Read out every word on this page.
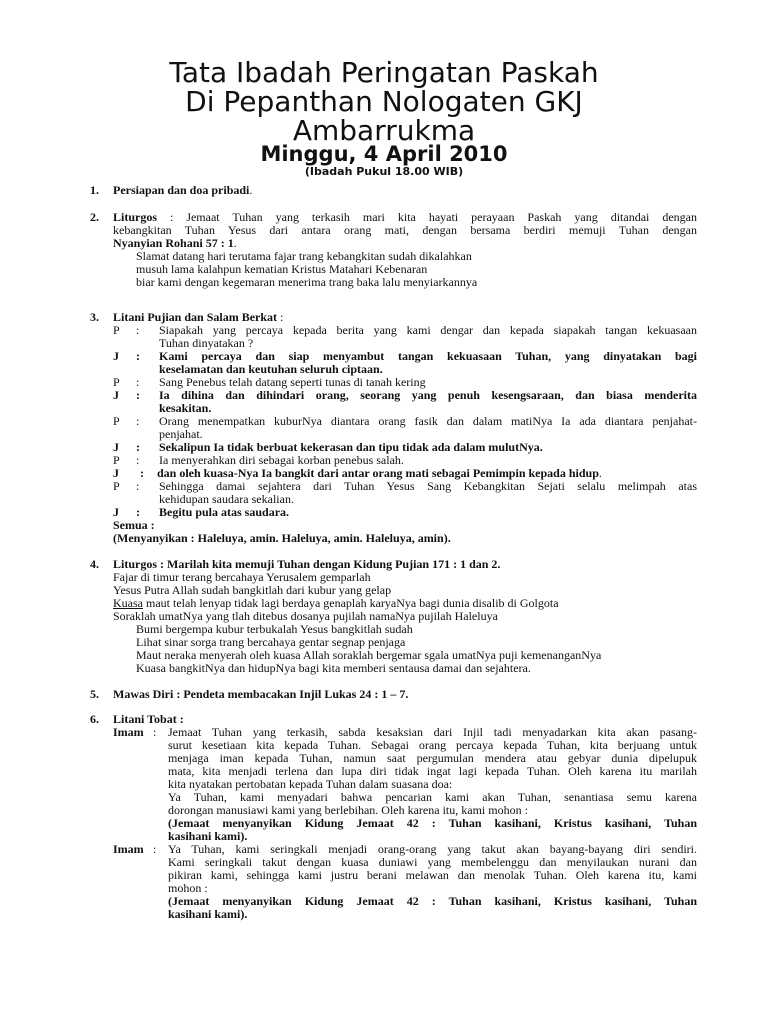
Tata Ibadah Peringatan Paskah
Di Pepanthan Nologaten GKJ
Ambarrukma
Minggu, 4 April 2010
(Ibadah Pukul 18.00 WIB)
1. Persiapan dan doa pribadi.
2. Liturgos : Jemaat Tuhan yang terkasih mari kita hayati perayaan Paskah yang ditandai dengan
kebangkitan Tuhan Yesus dari antara orang mati, dengan bersama berdiri memuji Tuhan dengan
Nyanyian Rohani 57 : 1.
Slamat datang hari terutama fajar trang kebangkitan sudah dikalahkan
musuh lama kalahpun kematian Kristus Matahari Kebenaran
biar kami dengan kegemaran menerima trang baka lalu menyiarkannya
3. Litani Pujian dan Salam Berkat :
P : Siapakah yang percaya kepada berita yang kami dengar dan kepada siapakah tangan kekuasaan
Tuhan dinyatakan ?
J : Kami percaya dan siap menyambut tangan kekuasaan Tuhan, yang dinyatakan bagi
keselamatan dan keutuhan seluruh ciptaan.
P : Sang Penebus telah datang seperti tunas di tanah kering
J : Ia dihina dan dihindari orang, seorang yang penuh kesengsaraan, dan biasa menderita
kesakitan.
P : Orang menempatkan kuburNya diantara orang fasik dan dalam matiNya Ia ada diantara penjahat-
penjahat.
J : Sekalipun Ia tidak berbuat kekerasan dan tipu tidak ada dalam mulutNya.
P : Ia menyerahkan diri sebagai korban penebus salah.
J : dan oleh kuasa-Nya Ia bangkit dari antar orang mati sebagai Pemimpin kepada hidup.
P : Sehingga damai sejahtera dari Tuhan Yesus Sang Kebangkitan Sejati selalu melimpah atas
kehidupan saudara sekalian.
J : Begitu pula atas saudara.
Semua :
(Menyanyikan : Haleluya, amin. Haleluya, amin. Haleluya, amin).
4. Liturgos : Marilah kita memuji Tuhan dengan Kidung Pujian 171 : 1 dan 2.
Fajar di timur terang bercahaya Yerusalem gemparlah
Yesus Putra Allah sudah bangkitlah dari kubur yang gelap
Kuasa maut telah lenyap tidak lagi berdaya genaplah karyaNya bagi dunia disalib di Golgota
Soraklah umatNya yang tlah ditebus dosanya pujilah namaNya pujilah Haleluya
Bumi bergempa kubur terbukalah Yesus bangkitlah sudah
Lihat sinar sorga trang bercahaya gentar segnap penjaga
Maut neraka menyerah oleh kuasa Allah soraklah bergemar sgala umatNya puji kemenanganNya
Kuasa bangkitNya dan hidupNya bagi kita memberi sentausa damai dan sejahtera.
5. Mawas Diri : Pendeta membacakan Injil Lukas 24 : 1 – 7.
6. Litani Tobat :
Imam : Jemaat Tuhan yang terkasih, sabda kesaksian dari Injil tadi menyadarkan kita akan pasang-
surut kesetiaan kita kepada Tuhan. Sebagai orang percaya kepada Tuhan, kita berjuang untuk
menjaga iman kepada Tuhan, namun saat pergumulan mendera atau gebyar dunia dipelupuk
mata, kita menjadi terlena dan lupa diri tidak ingat lagi kepada Tuhan. Oleh karena itu marilah
kita nyatakan pertobatan kepada Tuhan dalam suasana doa:
Ya Tuhan, kami menyadari bahwa pencarian kami akan Tuhan, senantiasa semu karena
dorongan manusiawi kami yang berlebihan. Oleh karena itu, kami mohon :
(Jemaat menyanyikan Kidung Jemaat 42 : Tuhan kasihani, Kristus kasihani, Tuhan
kasihani kami).
Imam : Ya Tuhan, kami seringkali menjadi orang-orang yang takut akan bayang-bayang diri sendiri.
Kami seringkali takut dengan kuasa duniawi yang membelenggu dan menyilaukan nurani dan
pikiran kami, sehingga kami justru berani melawan dan menolak Tuhan. Oleh karena itu, kami
mohon :
(Jemaat menyanyikan Kidung Jemaat 42 : Tuhan kasihani, Kristus kasihani, Tuhan
kasihani kami).
